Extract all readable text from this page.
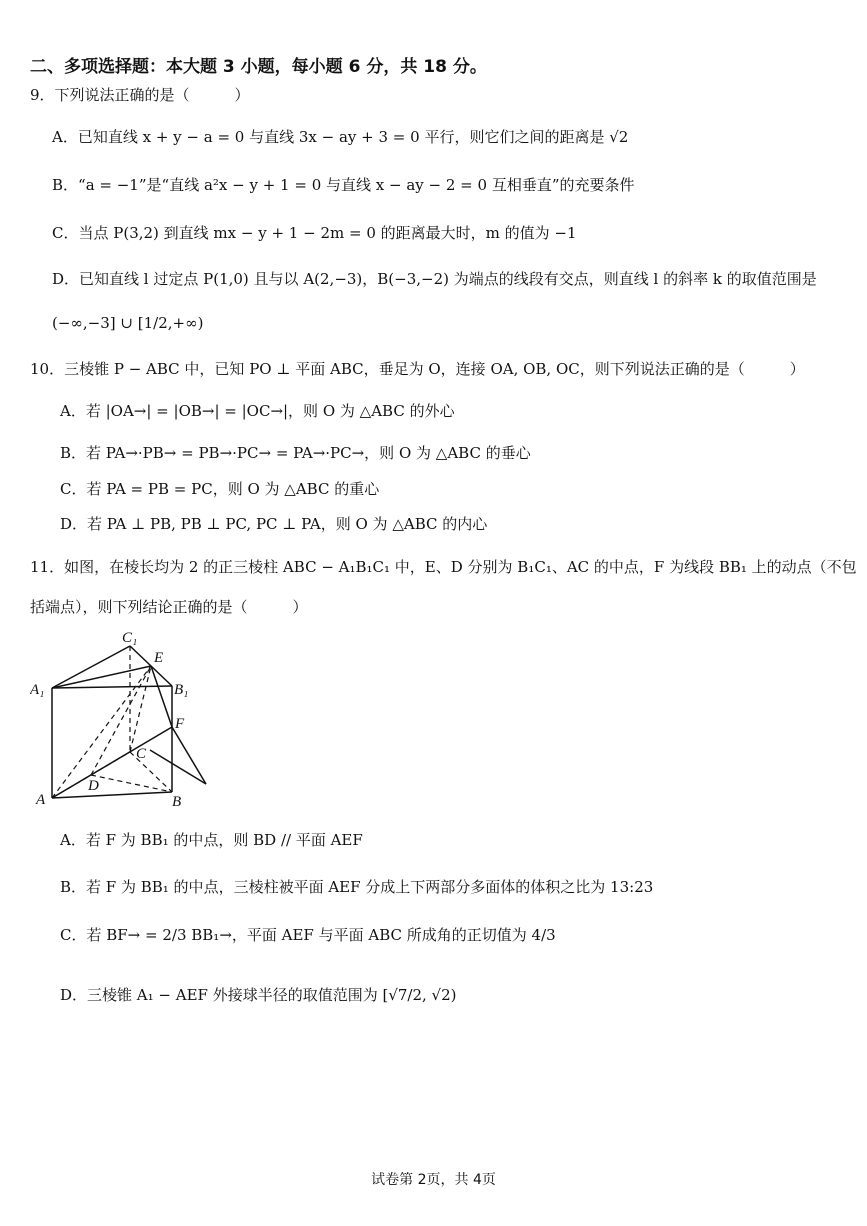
二、多项选择题：本大题 3 小题，每小题 6 分，共 18 分。
9．下列说法正确的是（　　　）
A．已知直线 x + y − a = 0 与直线 3x − ay + 3 = 0 平行，则它们之间的距离是 √2
B．“a = −1”是“直线 a²x − y + 1 = 0 与直线 x − ay − 2 = 0 互相垂直”的充要条件
C．当点 P(3,2) 到直线 mx − y + 1 − 2m = 0 的距离最大时，m 的值为 −1
D．已知直线 l 过定点 P(1,0) 且与以 A(2,−3)，B(−3,−2) 为端点的线段有交点，则直线 l 的斜率 k 的取值范围是
(−∞,−3] ∪ [1/2,+∞)
10．三棱锥 P − ABC 中，已知 PO ⊥ 平面 ABC，垂足为 O，连接 OA, OB, OC，则下列说法正确的是（　　　）
A．若 |OA→| = |OB→| = |OC→|，则 O 为 △ABC 的外心
B．若 PA→·PB→ = PB→·PC→ = PA→·PC→，则 O 为 △ABC 的垂心
C．若 PA = PB = PC，则 O 为 △ABC 的重心
D．若 PA ⊥ PB, PB ⊥ PC, PC ⊥ PA，则 O 为 △ABC 的内心
11．如图，在棱长均为 2 的正三棱柱 ABC − A₁B₁C₁ 中，E、D 分别为 B₁C₁、AC 的中点，F 为线段 BB₁ 上的动点（不包
括端点），则下列结论正确的是（　　　）
C₁
E
A₁	B₁
F
C
D
A	B
A．若 F 为 BB₁ 的中点，则 BD // 平面 AEF
B．若 F 为 BB₁ 的中点，三棱柱被平面 AEF 分成上下两部分多面体的体积之比为 13:23
C．若 BF→ = 2/3 BB₁→，平面 AEF 与平面 ABC 所成角的正切值为 4/3
D．三棱锥 A₁ − AEF 外接球半径的取值范围为 [√7/2, √2)
试卷第 2页，共 4页
